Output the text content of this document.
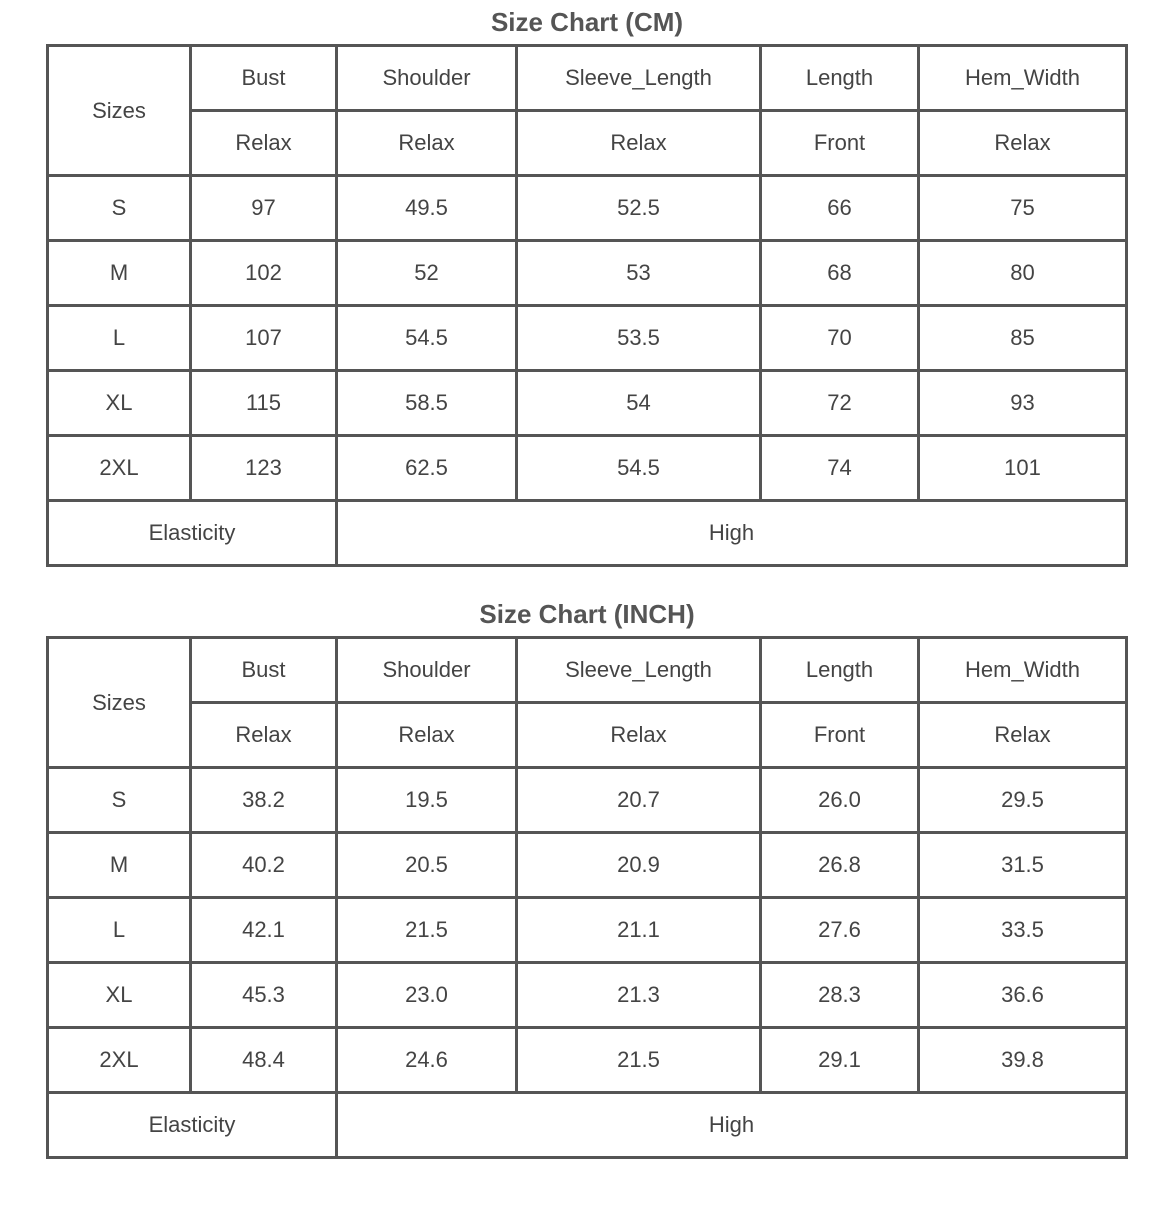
Size Chart (CM)
Sizes	Bust	Shoulder	Sleeve_Length	Length	Hem_Width
	Relax	Relax	Relax	Front	Relax
S	97	49.5	52.5	66	75
M	102	52	53	68	80
L	107	54.5	53.5	70	85
XL	115	58.5	54	72	93
2XL	123	62.5	54.5	74	101
Elasticity		High			
Size Chart (INCH)
Sizes	Bust	Shoulder	Sleeve_Length	Length	Hem_Width
	Relax	Relax	Relax	Front	Relax
S	38.2	19.5	20.7	26.0	29.5
M	40.2	20.5	20.9	26.8	31.5
L	42.1	21.5	21.1	27.6	33.5
XL	45.3	23.0	21.3	28.3	36.6
2XL	48.4	24.6	21.5	29.1	39.8
Elasticity		High			
